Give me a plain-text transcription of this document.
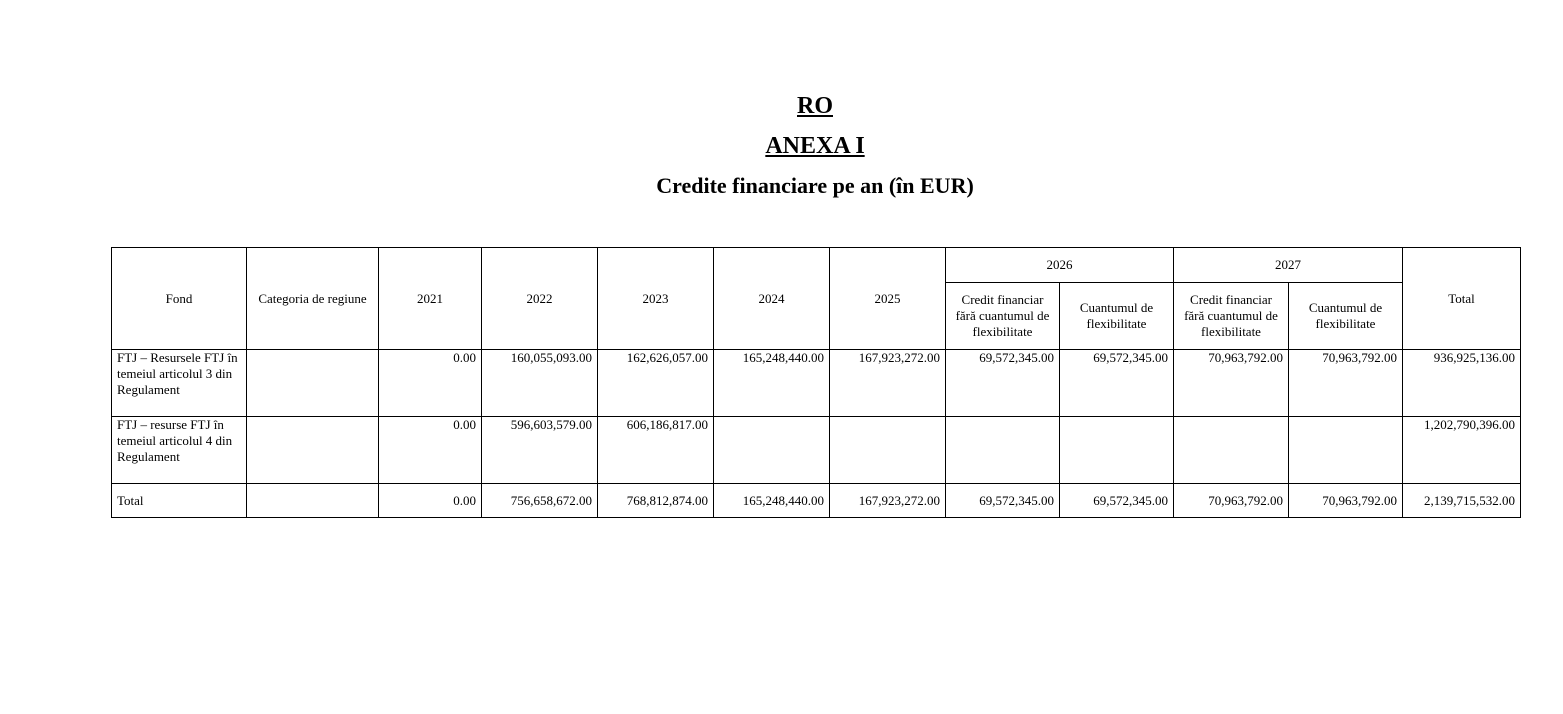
RO
ANEXA I
Credite financiare pe an (în EUR)
Fond	Categoria de regiune	2021	2022	2023	2024	2025	2026		2027		Total
							Credit financiar fără cuantumul de flexibilitate	Cuantumul de flexibilitate	Credit financiar fără cuantumul de flexibilitate	Cuantumul de flexibilitate	
FTJ – Resursele FTJ în temeiul articolul 3 din Regulament		0.00	160,055,093.00	162,626,057.00	165,248,440.00	167,923,272.00	69,572,345.00	69,572,345.00	70,963,792.00	70,963,792.00	936,925,136.00
FTJ – resurse FTJ în temeiul articolul 4 din Regulament		0.00	596,603,579.00	606,186,817.00							1,202,790,396.00
Total		0.00	756,658,672.00	768,812,874.00	165,248,440.00	167,923,272.00	69,572,345.00	69,572,345.00	70,963,792.00	70,963,792.00	2,139,715,532.00
